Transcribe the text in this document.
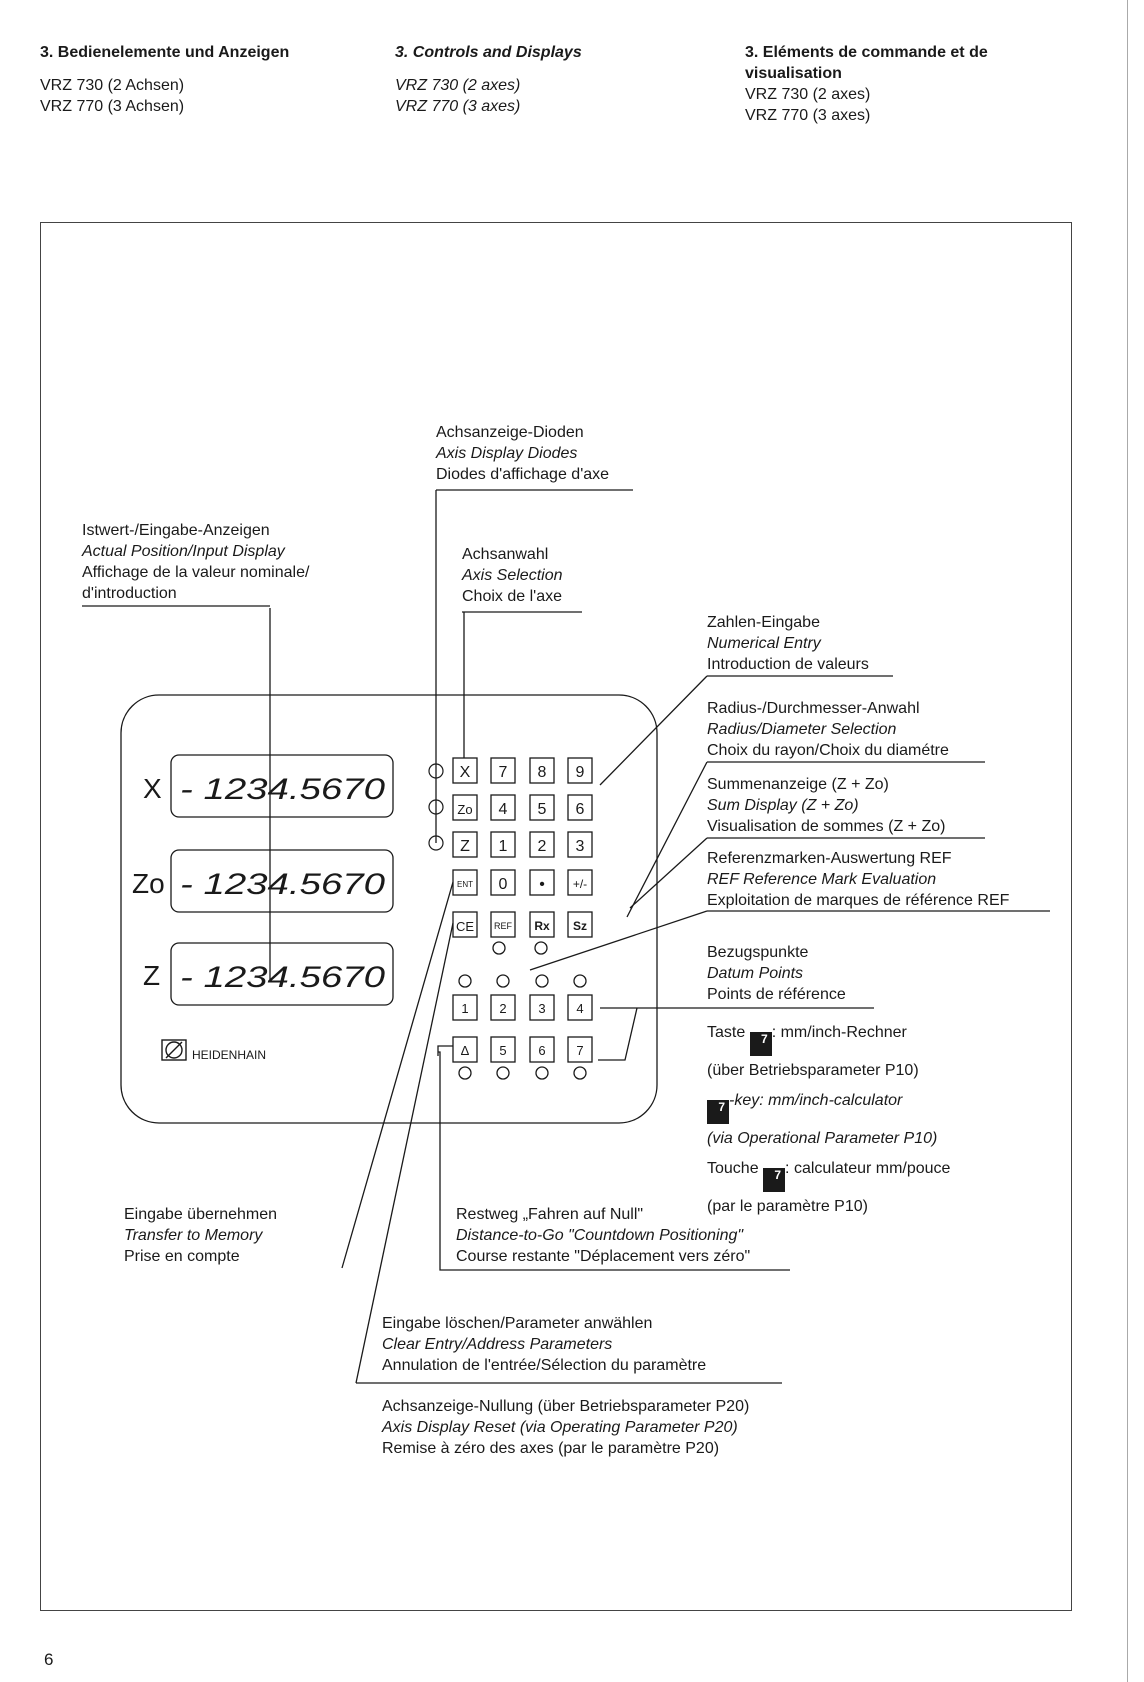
3. Bedienelemente und Anzeigen
VRZ 730 (2 Achsen)
VRZ 770 (3 Achsen)
3. Controls and Displays
VRZ 730 (2 axes)
VRZ 770 (3 axes)
3. Eléments de commande et de
visualisation
VRZ 730 (2 axes)
VRZ 770 (3 axes)
Achsanzeige-Dioden
Axis Display Diodes
Diodes d'affichage d'axe
Istwert-/Eingabe-Anzeigen
Actual Position/Input Display
Affichage de la valeur nominale/
d'introduction
Achsanwahl
Axis Selection
Choix de l'axe
Zahlen-Eingabe
Numerical Entry
Introduction de valeurs
Radius-/Durchmesser-Anwahl
Radius/Diameter Selection
Choix du rayon/Choix du diamétre
Summenanzeige (Z + Zo)
Sum Display (Z + Zo)
Visualisation de sommes (Z + Zo)
Referenzmarken-Auswertung REF
REF Reference Mark Evaluation
Exploitation de marques de référence REF
Bezugspunkte
Datum Points
Points de référence
Taste 7 : mm/inch-Rechner
(über Betriebsparameter P10)
7 -key: mm/inch-calculator
(via Operational Parameter P10)
Touche 7 : calculateur mm/pouce
(par le paramètre P10)
Eingabe übernehmen
Transfer to Memory
Prise en compte
Restweg „Fahren auf Null"
Distance-to-Go "Countdown Positioning"
Course restante "Déplacement vers zéro"
Eingabe löschen/Parameter anwählen
Clear Entry/Address Parameters
Annulation de l'entrée/Sélection du paramètre
Achsanzeige-Nullung (über Betriebsparameter P20)
Axis Display Reset (via Operating Parameter P20)
Remise à zéro des axes (par le paramètre P20)
X
Zo
Z
- 1234.5670
- 1234.5670
- 1234.5670
HEIDENHAIN
X
Zo
Z
ENT
CE
7 8 9
4 5 6
1 2 3
0 • +/-
REF Rx Sz
1 2 3 4
Δ 5 6 7
6
